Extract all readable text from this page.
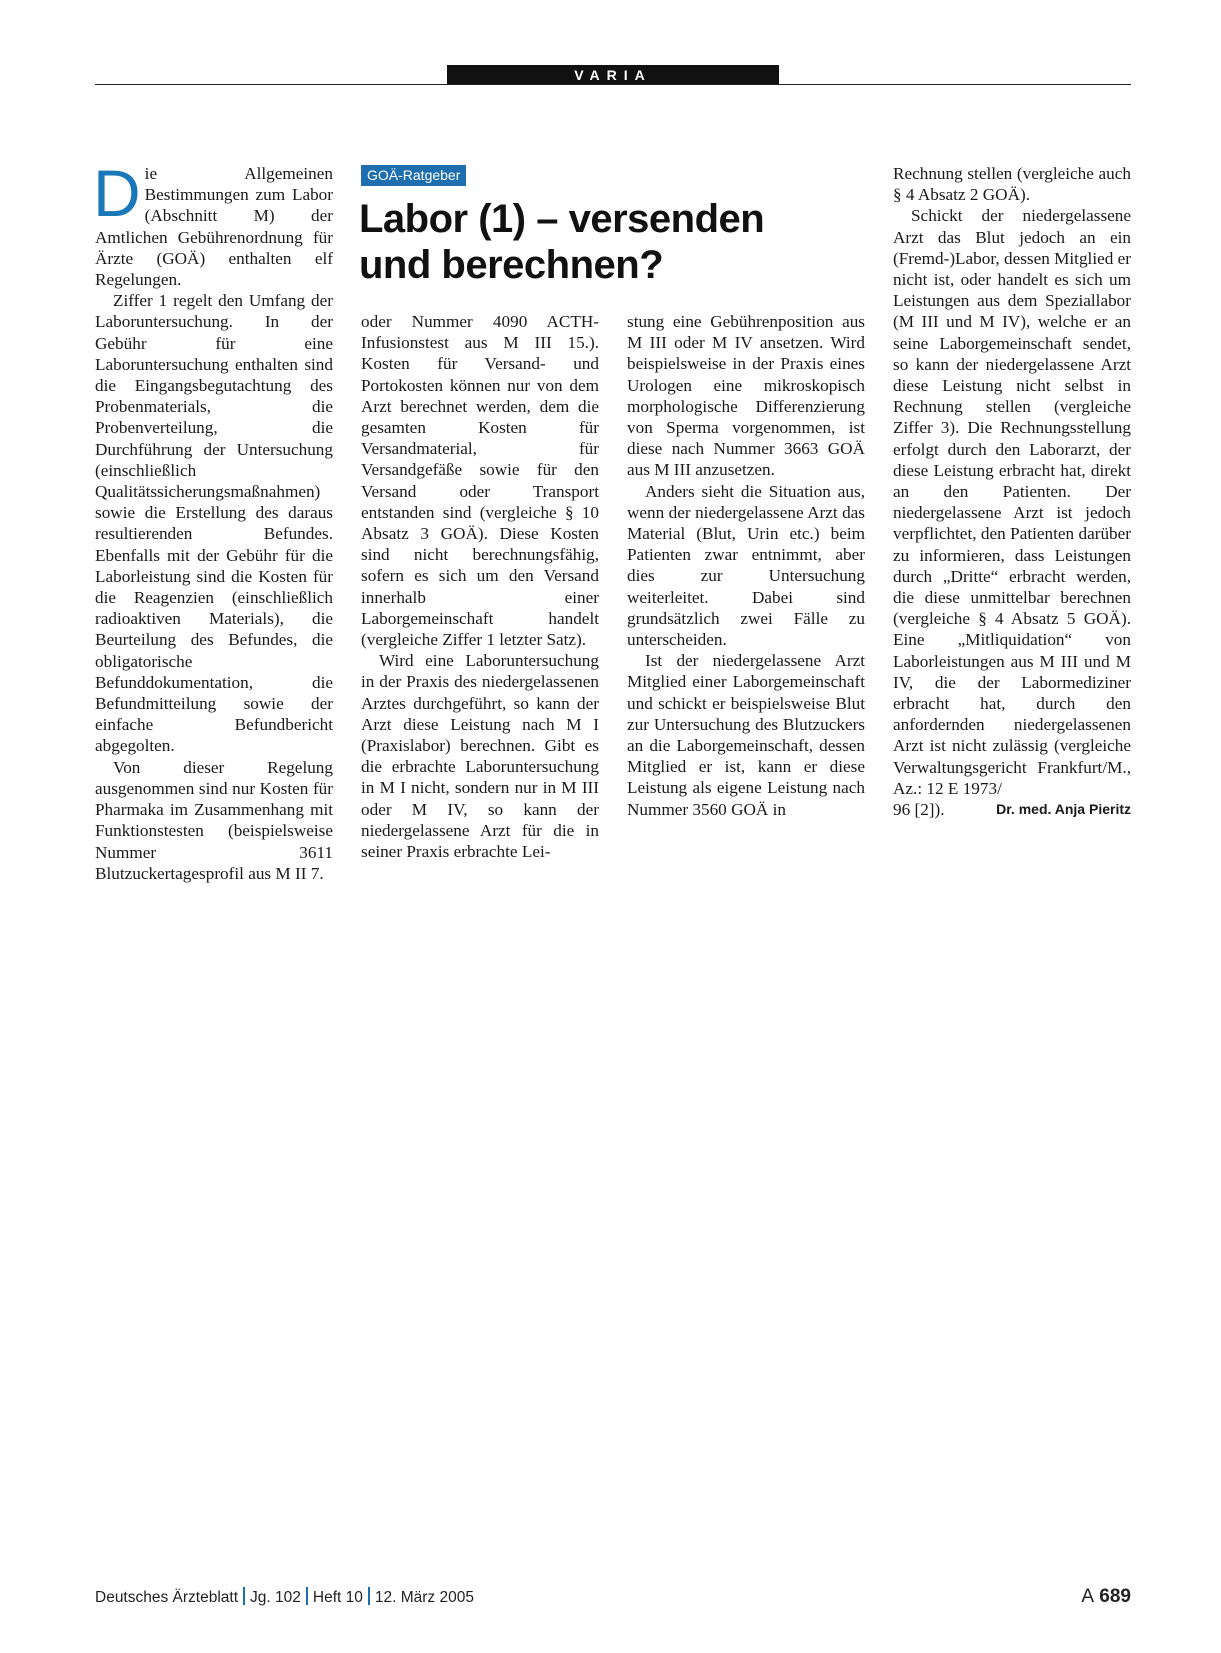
VARIA

Die Allgemeinen Bestimmungen zum Labor (Abschnitt M) der Amtlichen Gebührenordnung für Ärzte (GOÄ) enthalten elf Regelungen.

Ziffer 1 regelt den Umfang der Laboruntersuchung. In der Gebühr für eine Laboruntersuchung enthalten sind die Eingangsbegutachtung des Probenmaterials, die Probenverteilung, die Durchführung der Untersuchung (einschließlich Qualitätssicherungsmaßnahmen) sowie die Erstellung des daraus resultierenden Befundes. Ebenfalls mit der Gebühr für die Laborleistung sind die Kosten für die Reagenzien (einschließlich radioaktiven Materials), die Beurteilung des Befundes, die obligatorische Befunddokumentation, die Befundmitteilung sowie der einfache Befundbericht abgegolten.

Von dieser Regelung ausgenommen sind nur Kosten für Pharmaka im Zusammenhang mit Funktionstesten (beispielsweise Nummer 3611 Blutzuckertagesprofil aus M II 7.

GOÄ-Ratgeber
Labor (1) – versenden
und berechnen?

oder Nummer 4090 ACTH-Infusionstest aus M III 15.). Kosten für Versand- und Portokosten können nur von dem Arzt berechnet werden, dem die gesamten Kosten für Versandmaterial, für Versandgefäße sowie für den Versand oder Transport entstanden sind (vergleiche § 10 Absatz 3 GOÄ). Diese Kosten sind nicht berechnungsfähig, sofern es sich um den Versand innerhalb einer Laborgemeinschaft handelt (vergleiche Ziffer 1 letzter Satz).

Wird eine Laboruntersuchung in der Praxis des niedergelassenen Arztes durchgeführt, so kann der Arzt diese Leistung nach M I (Praxislabor) berechnen. Gibt es die erbrachte Laboruntersuchung in M I nicht, sondern nur in M III oder M IV, so kann der niedergelassene Arzt für die in seiner Praxis erbrachte Lei-

stung eine Gebührenposition aus M III oder M IV ansetzen. Wird beispielsweise in der Praxis eines Urologen eine mikroskopisch morphologische Differenzierung von Sperma vorgenommen, ist diese nach Nummer 3663 GOÄ aus M III anzusetzen.

Anders sieht die Situation aus, wenn der niedergelassene Arzt das Material (Blut, Urin etc.) beim Patienten zwar entnimmt, aber dies zur Untersuchung weiterleitet. Dabei sind grundsätzlich zwei Fälle zu unterscheiden.

Ist der niedergelassene Arzt Mitglied einer Laborgemeinschaft und schickt er beispielsweise Blut zur Untersuchung des Blutzuckers an die Laborgemeinschaft, dessen Mitglied er ist, kann er diese Leistung als eigene Leistung nach Nummer 3560 GOÄ in

Rechnung stellen (vergleiche auch § 4 Absatz 2 GOÄ).

Schickt der niedergelassene Arzt das Blut jedoch an ein (Fremd-)Labor, dessen Mitglied er nicht ist, oder handelt es sich um Leistungen aus dem Speziallabor (M III und M IV), welche er an seine Laborgemeinschaft sendet, so kann der niedergelassene Arzt diese Leistung nicht selbst in Rechnung stellen (vergleiche Ziffer 3). Die Rechnungsstellung erfolgt durch den Laborarzt, der diese Leistung erbracht hat, direkt an den Patienten. Der niedergelassene Arzt ist jedoch verpflichtet, den Patienten darüber zu informieren, dass Leistungen durch „Dritte“ erbracht werden, die diese unmittelbar berechnen (vergleiche § 4 Absatz 5 GOÄ). Eine „Mitliquidation“ von Laborleistungen aus M III und M IV, die der Labormediziner erbracht hat, durch den anfordernden niedergelassenen Arzt ist nicht zulässig (vergleiche Verwaltungsgericht Frankfurt/M., Az.: 12 E 1973/

96 [2]).	Dr. med. Anja Pieritz
Deutsches Ärzteblatt Jg. 102 Heft 10 12. März 2005	A 689
